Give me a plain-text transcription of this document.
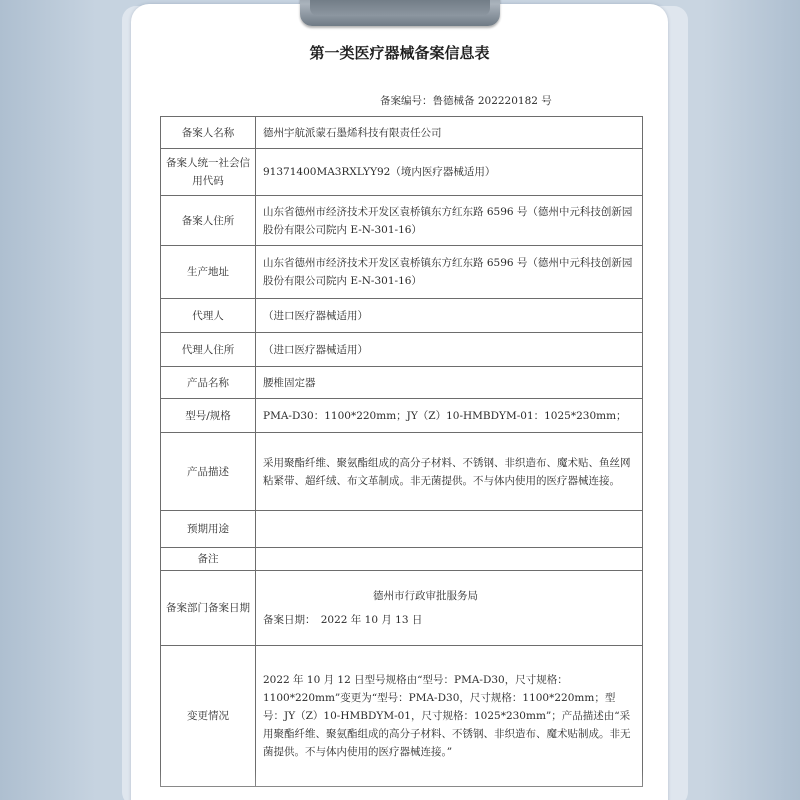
第一类医疗器械备案信息表
备案编号：鲁德械备 202220182 号
备案人名称	德州宇航派蒙石墨烯科技有限责任公司
备案人统一社会信用代码	91371400MA3RXLYY92（境内医疗器械适用）
备案人住所	山东省德州市经济技术开发区袁桥镇东方红东路 6596 号（德州中元科技创新园股份有限公司院内 E-N-301-16）
生产地址	山东省德州市经济技术开发区袁桥镇东方红东路 6596 号（德州中元科技创新园股份有限公司院内 E-N-301-16）
代理人	（进口医疗器械适用）
代理人住所	（进口医疗器械适用）
产品名称	腰椎固定器
型号/规格	PMA-D30：1100*220mm；JY（Z）10-HMBDYM-01：1025*230mm；
产品描述	采用聚酯纤维、聚氨酯组成的高分子材料、不锈钢、非织造布、魔术贴、鱼丝网粘紧带、超纤绒、布文革制成。非无菌提供。不与体内使用的医疗器械连接。
预期用途	
备注	
备案部门备案日期	德州市行政审批服务局
备案日期：　2022 年 10 月 13 日

变更情况	2022 年 10 月 12 日型号规格由“型号：PMA-D30，尺寸规格：1100*220mm”变更为“型号：PMA-D30，尺寸规格：1100*220mm；型号：JY（Z）10-HMBDYM-01，尺寸规格：1025*230mm”；产品描述由“采用聚酯纤维、聚氨酯组成的高分子材料、不锈钢、非织造布、魔术贴制成。非无菌提供。不与体内使用的医疗器械连接。”
